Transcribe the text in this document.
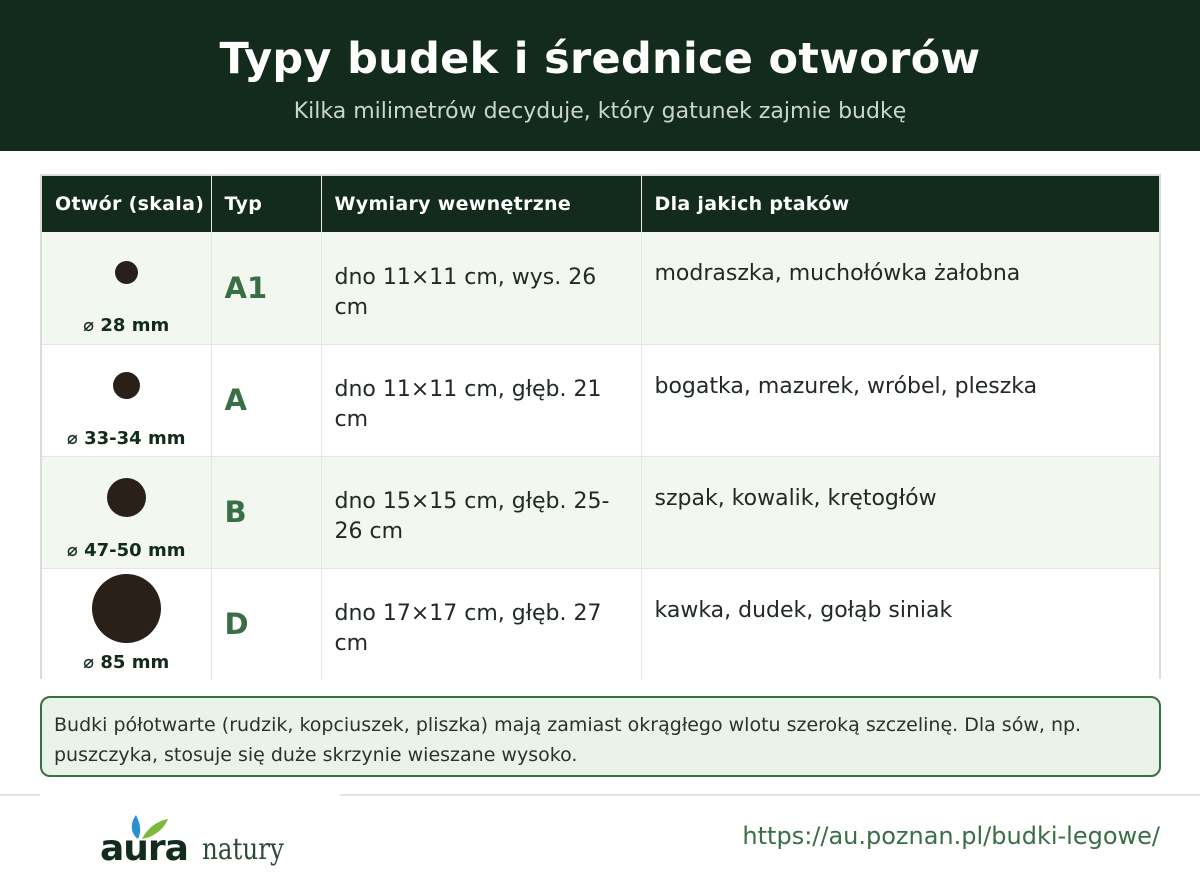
Typy budek i średnice otworów

Kilka milimetrów decyduje, który gatunek zajmie budkę

Otwór (skala)	Typ	Wymiary wewnętrzne	Dla jakich ptaków

⌀ 28 mm	A1	dno 11×11 cm, wys. 26 cm	modraszka, muchołówka żałobna

⌀ 33-34 mm	A	dno 11×11 cm, głęb. 21 cm	bogatka, mazurek, wróbel, pleszka

⌀ 47-50 mm	B	dno 15×15 cm, głęb. 25-26 cm	szpak, kowalik, krętogłów

⌀ 85 mm	D	dno 17×17 cm, głęb. 27 cm	kawka, dudek, gołąb siniak
Budki półotwarte (rudzik, kopciuszek, pliszka) mają zamiast okrągłego wlotu szeroką szczelinę. Dla sów, np. puszczyka, stosuje się duże skrzynie wieszane wysoko.
aura natury	https://au.poznan.pl/budki-legowe/
